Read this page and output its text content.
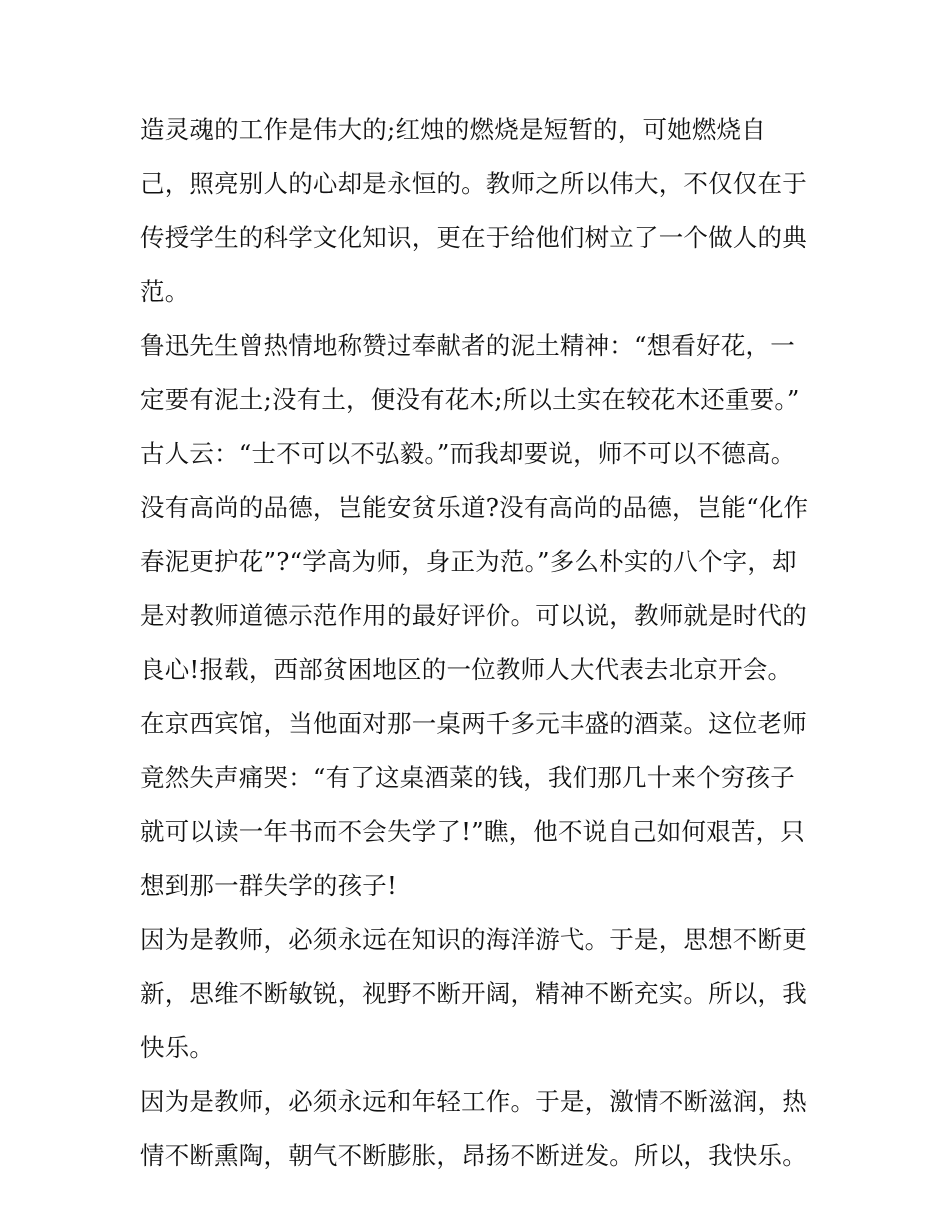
造灵魂的工作是伟大的;红烛的燃烧是短暂的，可她燃烧自
己，照亮别人的心却是永恒的。教师之所以伟大，不仅仅在于
传授学生的科学文化知识，更在于给他们树立了一个做人的典
范。
鲁迅先生曾热情地称赞过奉献者的泥土精神：“想看好花，一
定要有泥土;没有土，便没有花木;所以土实在较花木还重要。”
古人云：“士不可以不弘毅。”而我却要说，师不可以不德高。
没有高尚的品德，岂能安贫乐道?没有高尚的品德，岂能“化作
春泥更护花”?“学高为师，身正为范。”多么朴实的八个字，却
是对教师道德示范作用的最好评价。可以说，教师就是时代的
良心!报载，西部贫困地区的一位教师人大代表去北京开会。
在京西宾馆，当他面对那一桌两千多元丰盛的酒菜。这位老师
竟然失声痛哭：“有了这桌酒菜的钱，我们那几十来个穷孩子
就可以读一年书而不会失学了!”瞧，他不说自己如何艰苦，只
想到那一群失学的孩子!
因为是教师，必须永远在知识的海洋游弋。于是，思想不断更
新，思维不断敏锐，视野不断开阔，精神不断充实。所以，我
快乐。
因为是教师，必须永远和年轻工作。于是，激情不断滋润，热
情不断熏陶，朝气不断膨胀，昂扬不断迸发。所以，我快乐。
